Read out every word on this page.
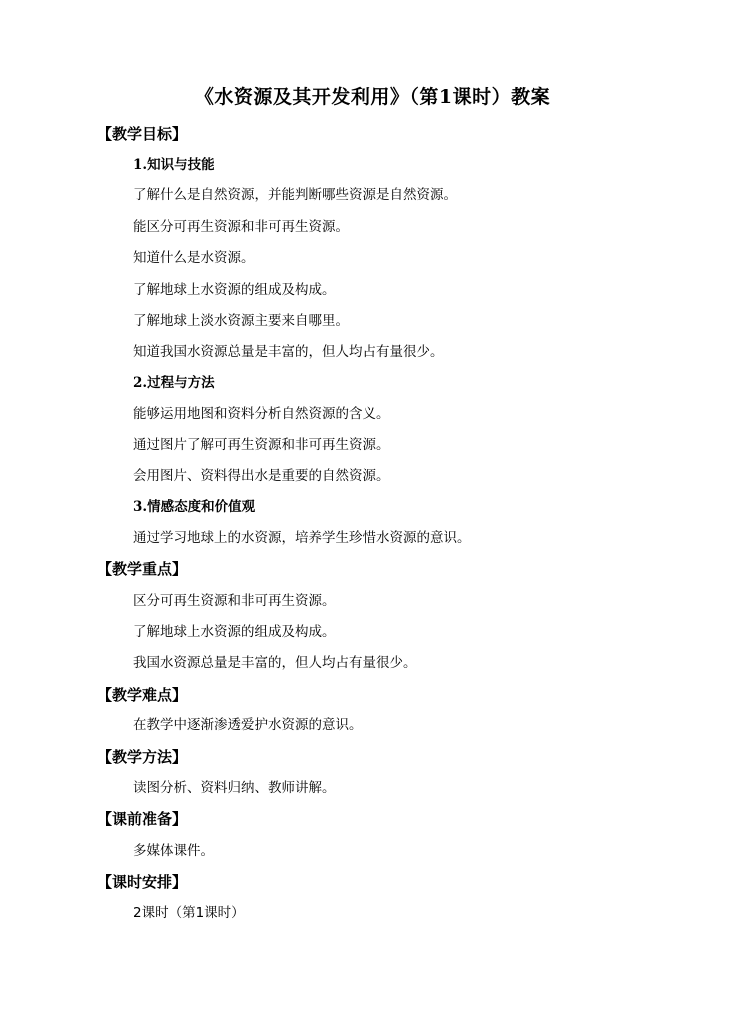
《水资源及其开发利用》（第1课时）教案
【教学目标】
1.知识与技能
了解什么是自然资源，并能判断哪些资源是自然资源。
能区分可再生资源和非可再生资源。
知道什么是水资源。
了解地球上水资源的组成及构成。
了解地球上淡水资源主要来自哪里。
知道我国水资源总量是丰富的，但人均占有量很少。
2.过程与方法
能够运用地图和资料分析自然资源的含义。
通过图片了解可再生资源和非可再生资源。
会用图片、资料得出水是重要的自然资源。
3.情感态度和价值观
通过学习地球上的水资源，培养学生珍惜水资源的意识。
【教学重点】
区分可再生资源和非可再生资源。
了解地球上水资源的组成及构成。
我国水资源总量是丰富的，但人均占有量很少。
【教学难点】
在教学中逐渐渗透爱护水资源的意识。
【教学方法】
读图分析、资料归纳、教师讲解。
【课前准备】
多媒体课件。
【课时安排】
2课时（第1课时）
